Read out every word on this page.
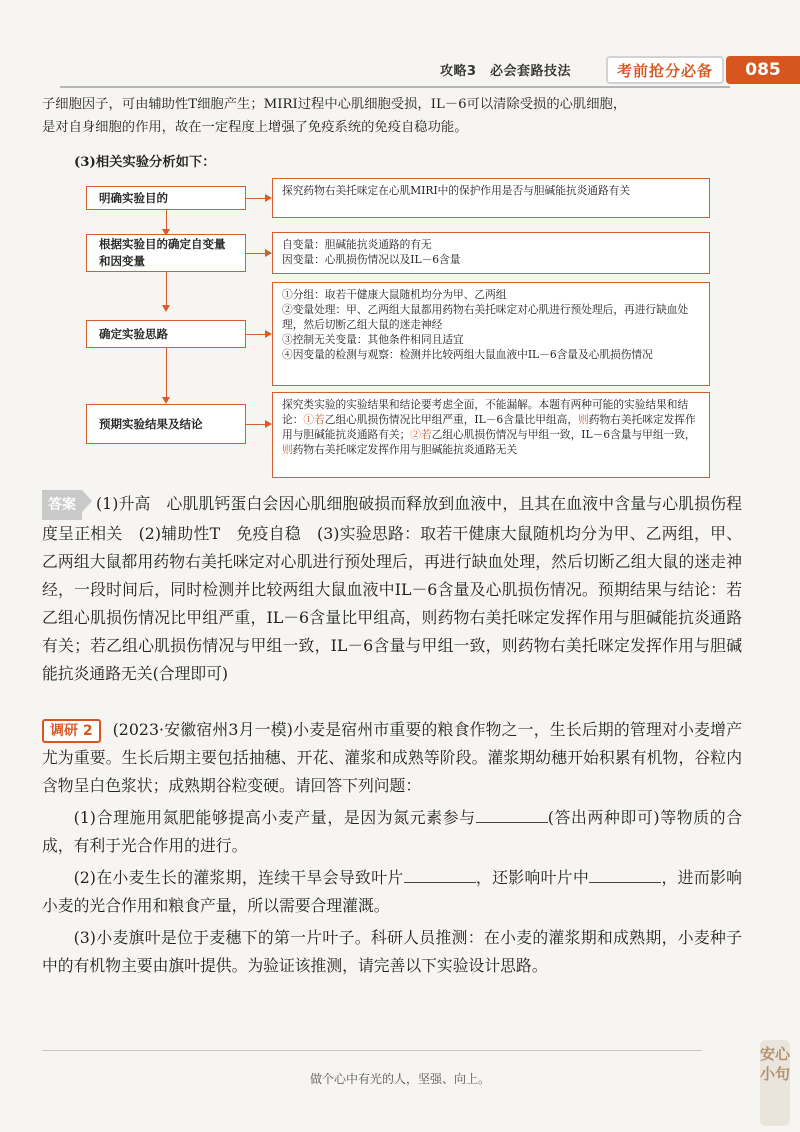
攻略3　必会套路技法	考前抢分必备	085
子细胞因子，可由辅助性T细胞产生；MIRI过程中心肌细胞受损，IL－6可以清除受损的心肌细胞，
是对自身细胞的作用，故在一定程度上增强了免疫系统的免疫自稳功能。
(3)相关实验分析如下：
明确实验目的	探究药物右美托咪定在心肌MIRI中的保护作用是否与胆碱能抗炎通路有关
根据实验目的确定自变量和因变量
自变量：胆碱能抗炎通路的有无
因变量：心肌损伤情况以及IL－6含量
确定实验思路
①分组：取若干健康大鼠随机均分为甲、乙两组
②变量处理：甲、乙两组大鼠都用药物右美托咪定对心肌进行预处理后，再进行缺血处理，然后切断乙组大鼠的迷走神经
③控制无关变量：其他条件相同且适宜
④因变量的检测与观察：检测并比较两组大鼠血液中IL－6含量及心肌损伤情况
预期实验结果及结论
探究类实验的实验结果和结论要考虑全面，不能漏解。本题有两种可能的实验结果和结论：①若乙组心肌损伤情况比甲组严重，IL－6含量比甲组高，则药物右美托咪定发挥作用与胆碱能抗炎通路有关；②若乙组心肌损伤情况与甲组一致，IL－6含量与甲组一致，则药物右美托咪定发挥作用与胆碱能抗炎通路无关
答案 (1)升高　心肌肌钙蛋白会因心肌细胞破损而释放到血液中，且其在血液中含量与心肌损伤程度呈正相关　(2)辅助性T　免疫自稳　(3)实验思路：取若干健康大鼠随机均分为甲、乙两组，甲、乙两组大鼠都用药物右美托咪定对心肌进行预处理后，再进行缺血处理，然后切断乙组大鼠的迷走神经，一段时间后，同时检测并比较两组大鼠血液中IL－6含量及心肌损伤情况。预期结果与结论：若乙组心肌损伤情况比甲组严重，IL－6含量比甲组高，则药物右美托咪定发挥作用与胆碱能抗炎通路有关；若乙组心肌损伤情况与甲组一致，IL－6含量与甲组一致，则药物右美托咪定发挥作用与胆碱能抗炎通路无关(合理即可)
调研 2 (2023·安徽宿州3月一模)小麦是宿州市重要的粮食作物之一，生长后期的管理对小麦增产尤为重要。生长后期主要包括抽穗、开花、灌浆和成熟等阶段。灌浆期幼穗开始积累有机物，谷粒内含物呈白色浆状；成熟期谷粒变硬。请回答下列问题：
(1)合理施用氮肥能够提高小麦产量，是因为氮元素参与	(答出两种即可)等物质的合成，有利于光合作用的进行。
(2)在小麦生长的灌浆期，连续干旱会导致叶片	，还影响叶片中	，进而影响小麦的光合作用和粮食产量，所以需要合理灌溉。
(3)小麦旗叶是位于麦穗下的第一片叶子。科研人员推测：在小麦的灌浆期和成熟期，小麦种子中的有机物主要由旗叶提供。为验证该推测，请完善以下实验设计思路。
做个心中有光的人，坚强、向上。
安心小句
